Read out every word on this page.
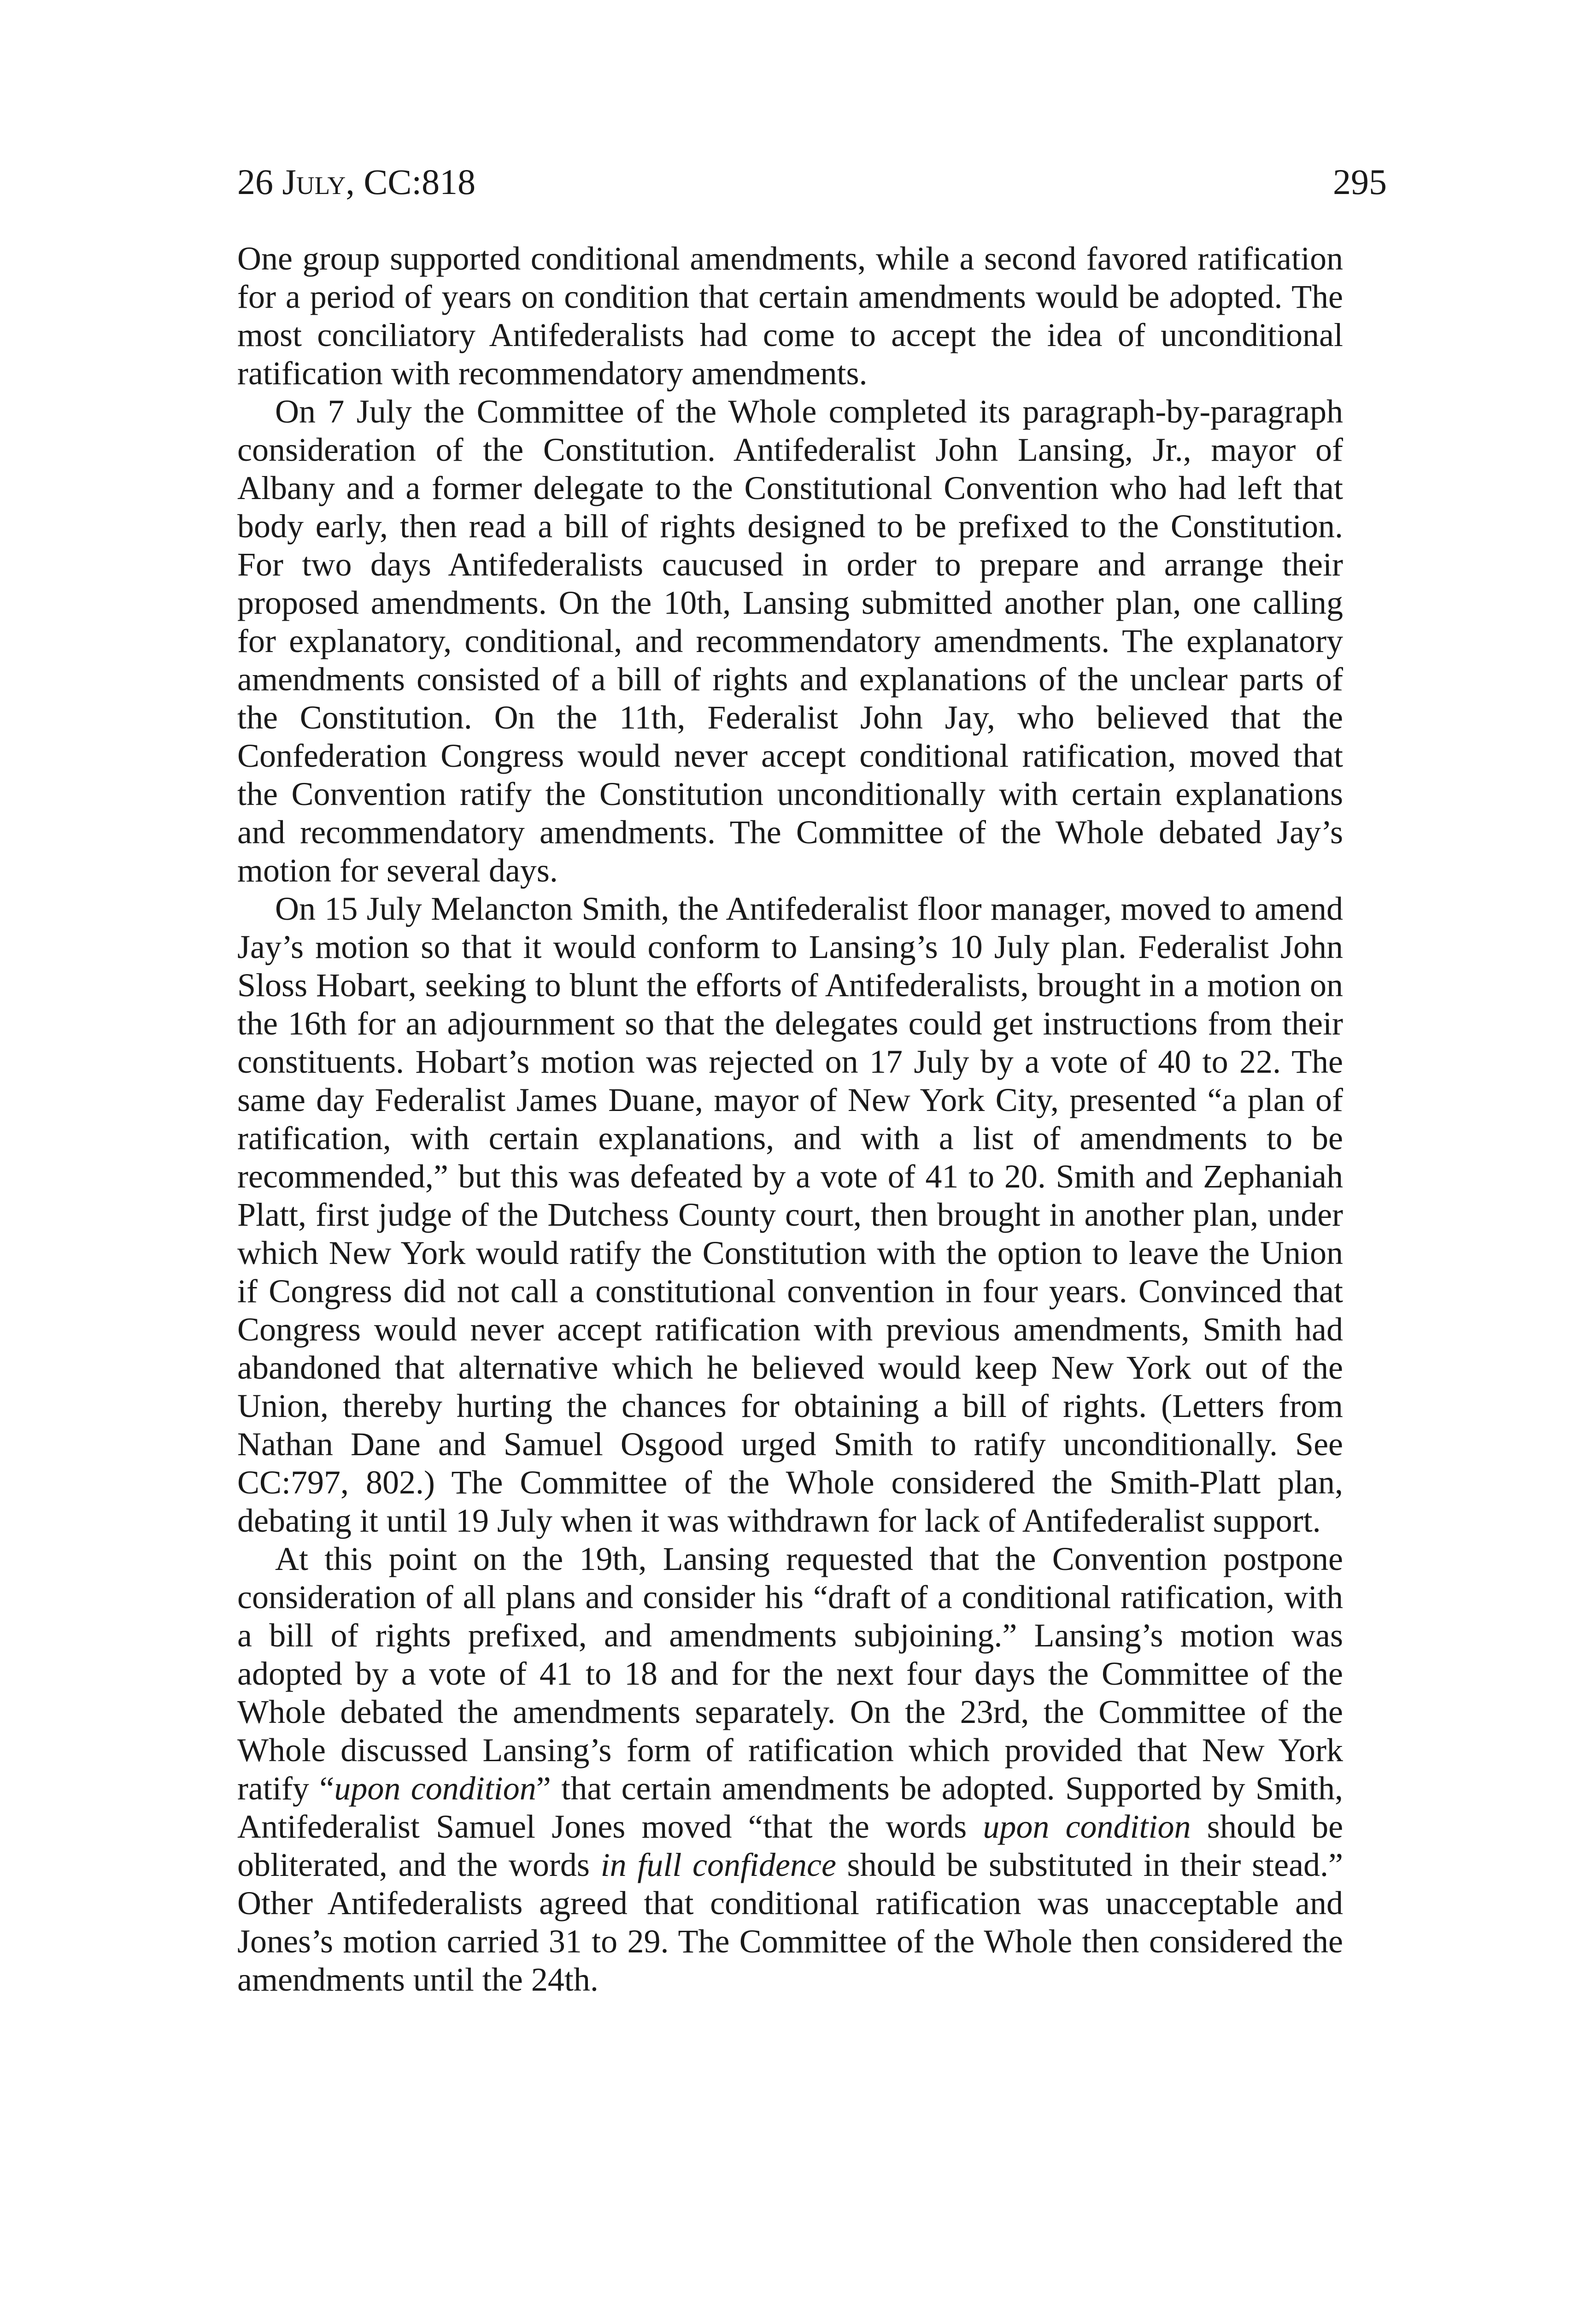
26 July, CC:818	295

One group supported conditional amendments, while a second favored ratification for a period of years on condition that certain amendments would be adopted. The most conciliatory Antifederalists had come to accept the idea of unconditional ratification with recommendatory amendments.

On 7 July the Committee of the Whole completed its paragraph-by-paragraph consideration of the Constitution. Antifederalist John Lansing, Jr., mayor of Albany and a former delegate to the Constitutional Convention who had left that body early, then read a bill of rights designed to be prefixed to the Constitution. For two days Antifederalists caucused in order to prepare and arrange their proposed amendments. On the 10th, Lansing submitted another plan, one calling for explanatory, conditional, and recommendatory amendments. The explanatory amendments consisted of a bill of rights and explanations of the unclear parts of the Constitution. On the 11th, Federalist John Jay, who believed that the Confederation Congress would never accept conditional ratification, moved that the Convention ratify the Constitution unconditionally with certain explanations and recommendatory amendments. The Committee of the Whole debated Jay’s motion for several days.

On 15 July Melancton Smith, the Antifederalist floor manager, moved to amend Jay’s motion so that it would conform to Lansing’s 10 July plan. Federalist John Sloss Hobart, seeking to blunt the efforts of Antifederalists, brought in a motion on the 16th for an adjournment so that the delegates could get instructions from their constituents. Hobart’s motion was rejected on 17 July by a vote of 40 to 22. The same day Federalist James Duane, mayor of New York City, presented “a plan of ratification, with certain explanations, and with a list of amendments to be recommended,” but this was defeated by a vote of 41 to 20. Smith and Zephaniah Platt, first judge of the Dutchess County court, then brought in another plan, under which New York would ratify the Constitution with the option to leave the Union if Congress did not call a constitutional convention in four years. Convinced that Congress would never accept ratification with previous amendments, Smith had abandoned that alternative which he believed would keep New York out of the Union, thereby hurting the chances for obtaining a bill of rights. (Letters from Nathan Dane and Samuel Osgood urged Smith to ratify unconditionally. See CC:797, 802.) The Committee of the Whole considered the Smith-Platt plan, debating it until 19 July when it was withdrawn for lack of Antifederalist support.

At this point on the 19th, Lansing requested that the Convention postpone consideration of all plans and consider his “draft of a conditional ratification, with a bill of rights prefixed, and amendments subjoining.” Lansing’s motion was adopted by a vote of 41 to 18 and for the next four days the Committee of the Whole debated the amendments separately. On the 23rd, the Committee of the Whole discussed Lansing’s form of ratification which provided that New York ratify “upon condition” that certain amendments be adopted. Supported by Smith, Antifederalist Samuel Jones moved “that the words upon condition should be obliterated, and the words in full confidence should be substituted in their stead.” Other Antifederalists agreed that conditional ratification was unacceptable and Jones’s motion carried 31 to 29. The Committee of the Whole then considered the amendments until the 24th.
